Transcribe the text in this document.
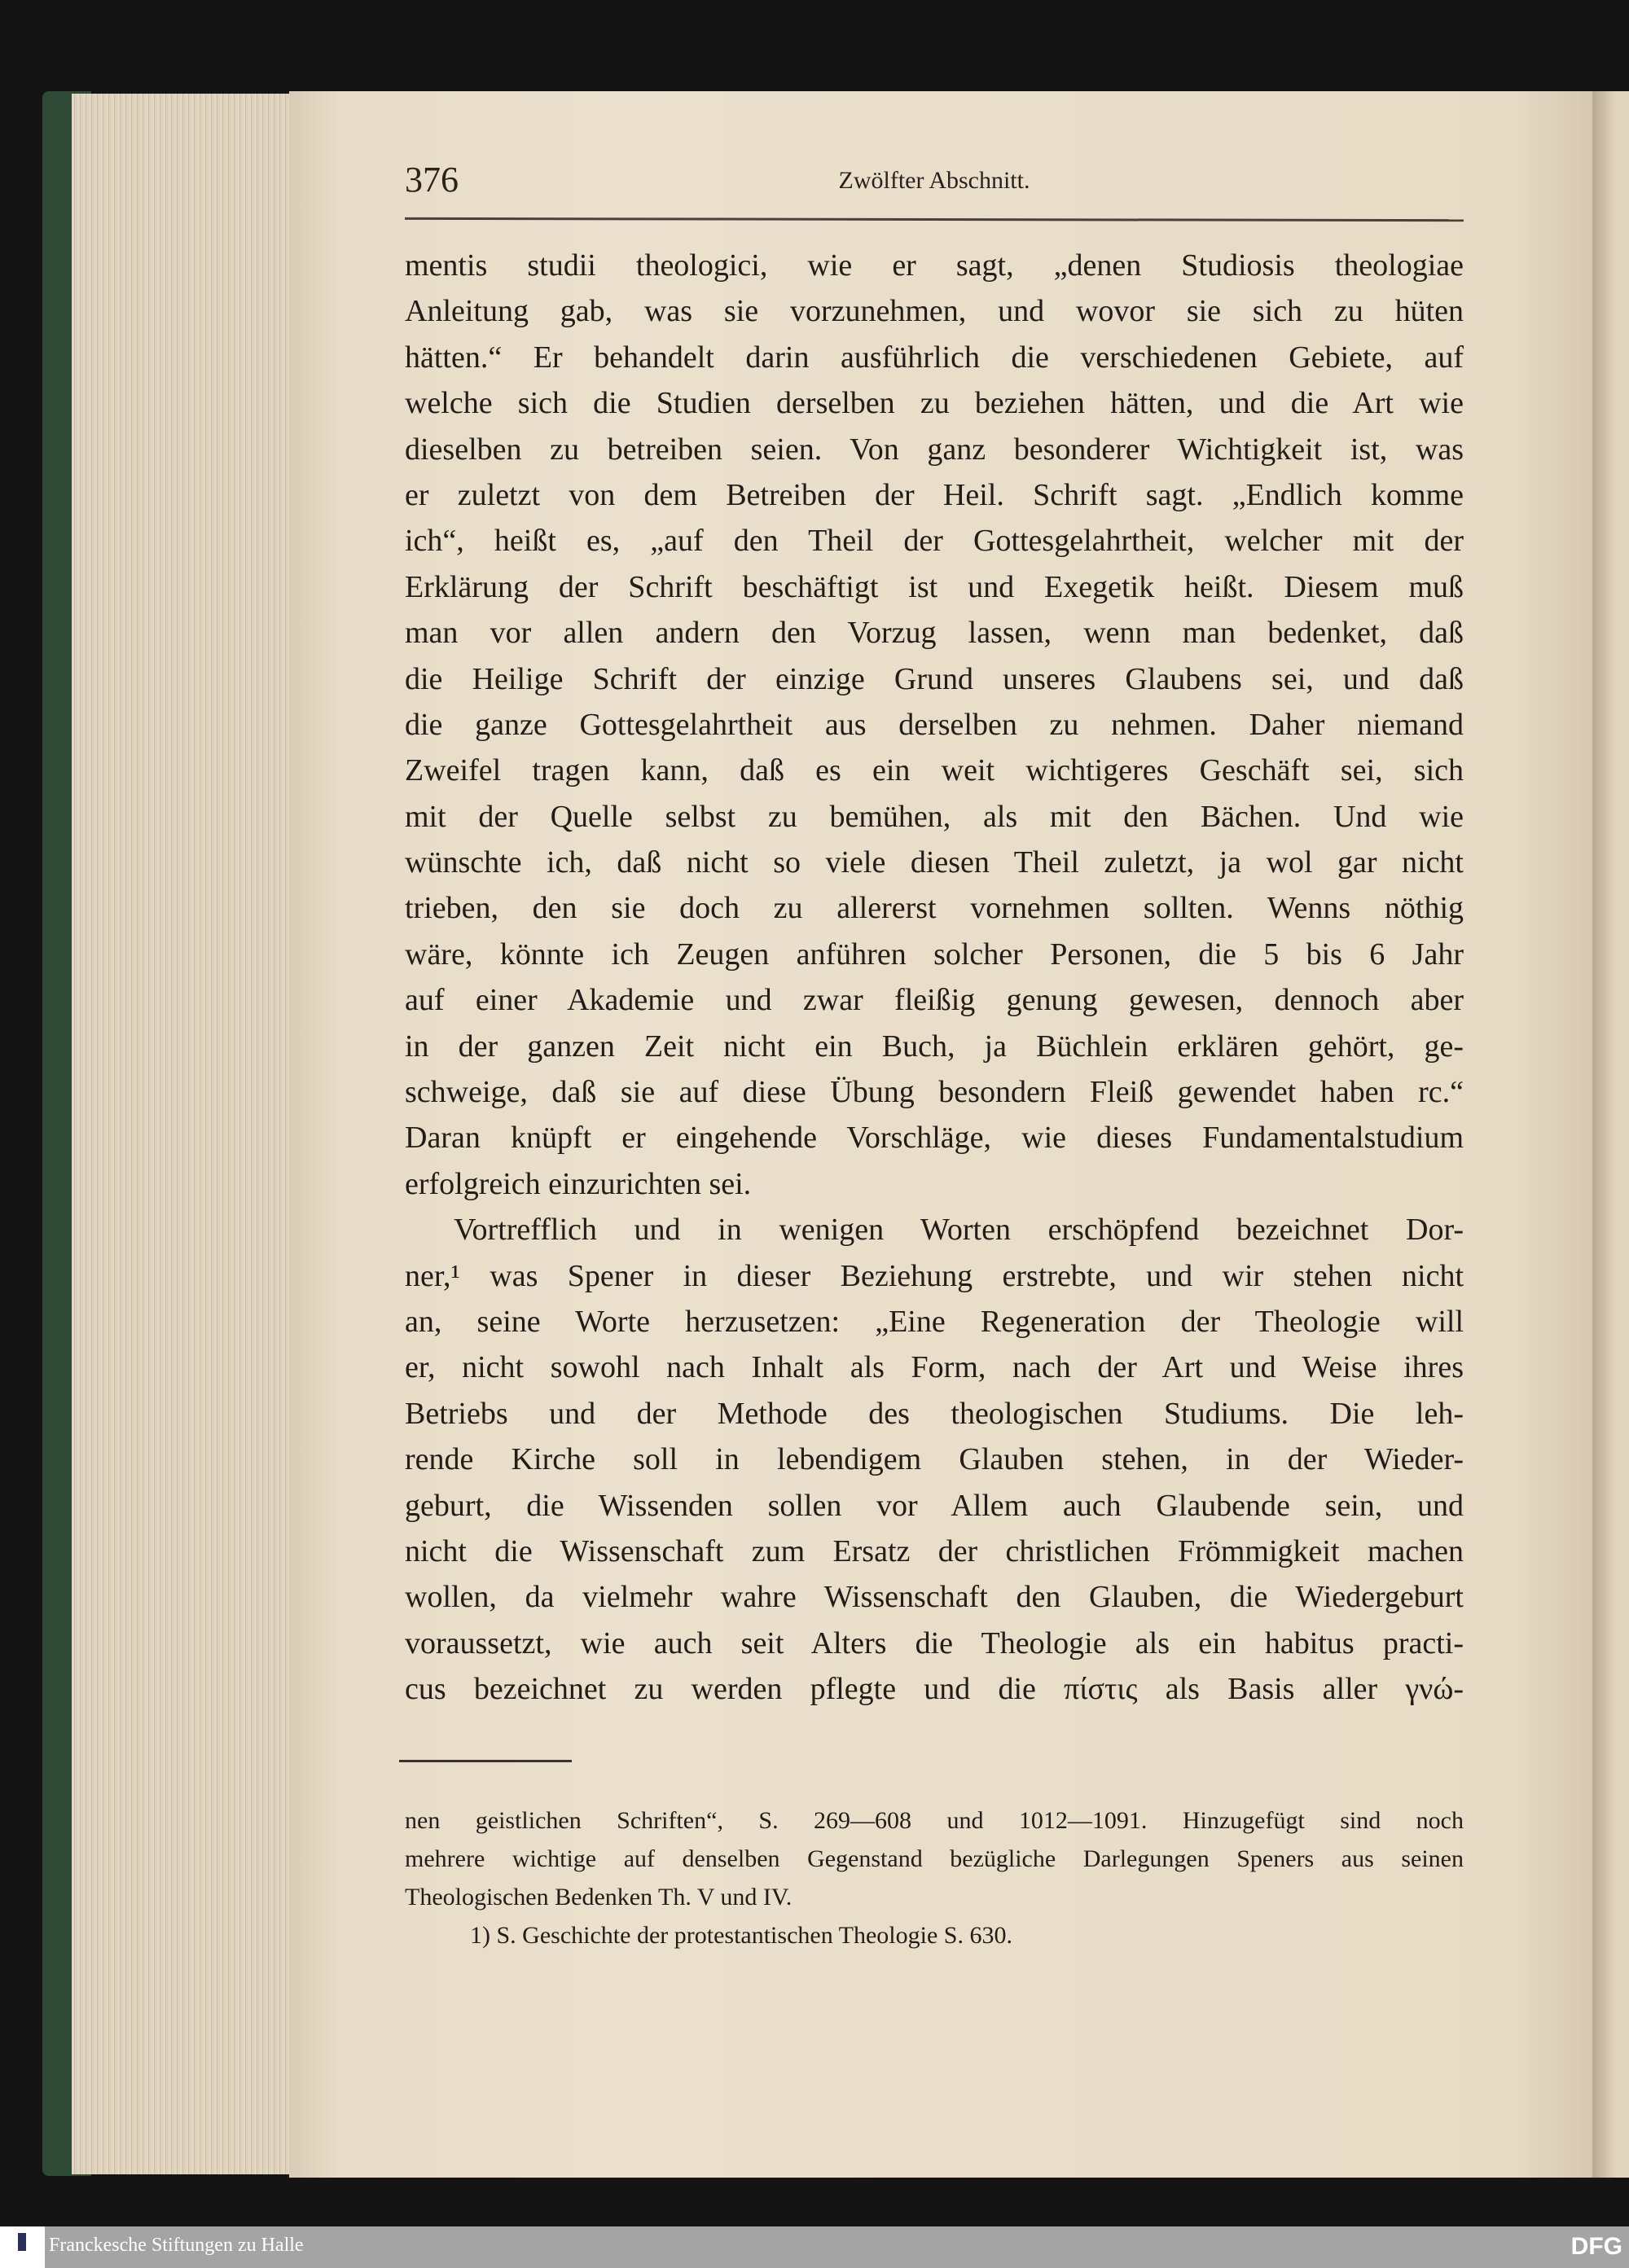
376	Zwölfter Abschnitt.
mentis studii theologici, wie er sagt, „denen Studiosis theologiae
Anleitung gab, was sie vorzunehmen, und wovor sie sich zu hüten
hätten.“ Er behandelt darin ausführlich die verschiedenen Gebiete, auf
welche sich die Studien derselben zu beziehen hätten, und die Art wie
dieselben zu betreiben seien. Von ganz besonderer Wichtigkeit ist, was
er zuletzt von dem Betreiben der Heil. Schrift sagt. „Endlich komme
ich“, heißt es, „auf den Theil der Gottesgelahrtheit, welcher mit der
Erklärung der Schrift beschäftigt ist und Exegetik heißt. Diesem muß
man vor allen andern den Vorzug lassen, wenn man bedenket, daß
die Heilige Schrift der einzige Grund unseres Glaubens sei, und daß
die ganze Gottesgelahrtheit aus derselben zu nehmen. Daher niemand
Zweifel tragen kann, daß es ein weit wichtigeres Geschäft sei, sich
mit der Quelle selbst zu bemühen, als mit den Bächen. Und wie
wünschte ich, daß nicht so viele diesen Theil zuletzt, ja wol gar nicht
trieben, den sie doch zu allererst vornehmen sollten. Wenns nöthig
wäre, könnte ich Zeugen anführen solcher Personen, die 5 bis 6 Jahr
auf einer Akademie und zwar fleißig genung gewesen, dennoch aber
in der ganzen Zeit nicht ein Buch, ja Büchlein erklären gehört, ge-
schweige, daß sie auf diese Übung besondern Fleiß gewendet haben rc.“
Daran knüpft er eingehende Vorschläge, wie dieses Fundamentalstudium
erfolgreich einzurichten sei.
Vortrefflich und in wenigen Worten erschöpfend bezeichnet Dor-
ner,¹ was Spener in dieser Beziehung erstrebte, und wir stehen nicht
an, seine Worte herzusetzen: „Eine Regeneration der Theologie will
er, nicht sowohl nach Inhalt als Form, nach der Art und Weise ihres
Betriebs und der Methode des theologischen Studiums. Die leh-
rende Kirche soll in lebendigem Glauben stehen, in der Wieder-
geburt, die Wissenden sollen vor Allem auch Glaubende sein, und
nicht die Wissenschaft zum Ersatz der christlichen Frömmigkeit machen
wollen, da vielmehr wahre Wissenschaft den Glauben, die Wiedergeburt
voraussetzt, wie auch seit Alters die Theologie als ein habitus practi-
cus bezeichnet zu werden pflegte und die πίστις als Basis aller γνώ-
nen geistlichen Schriften“, S. 269—608 und 1012—1091. Hinzugefügt sind noch
mehrere wichtige auf denselben Gegenstand bezügliche Darlegungen Speners aus seinen
Theologischen Bedenken Th. V und IV.
1) S. Geschichte der protestantischen Theologie S. 630.
Franckesche Stiftungen zu Halle	DFG
